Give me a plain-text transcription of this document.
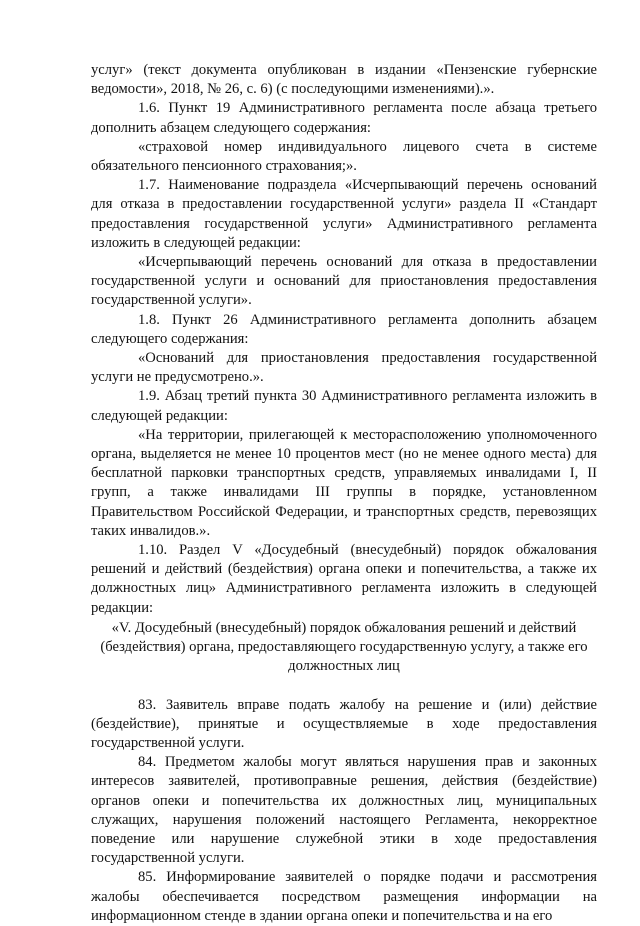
услуг» (текст документа опубликован в издании «Пензенские губернские ведомости», 2018, № 26, с. 6) (с последующими изменениями).».

1.6. Пункт 19 Административного регламента после абзаца третьего дополнить абзацем следующего содержания:

«страховой номер индивидуального лицевого счета в системе обязательного пенсионного страхования;».

1.7. Наименование подраздела «Исчерпывающий перечень оснований для отказа в предоставлении государственной услуги» раздела II «Стандарт предоставления государственной услуги» Административного регламента изложить в следующей редакции:

«Исчерпывающий перечень оснований для отказа в предоставлении государственной услуги и оснований для приостановления предоставления государственной услуги».

1.8. Пункт 26 Административного регламента дополнить абзацем следующего содержания:

«Оснований для приостановления предоставления государственной услуги не предусмотрено.».

1.9. Абзац третий пункта 30 Административного регламента изложить в следующей редакции:

«На территории, прилегающей к месторасположению уполномоченного органа, выделяется не менее 10 процентов мест (но не менее одного места) для бесплатной парковки транспортных средств, управляемых инвалидами I, II групп, а также инвалидами III группы в порядке, установленном Правительством Российской Федерации, и транспортных средств, перевозящих таких инвалидов.».

1.10. Раздел V «Досудебный (внесудебный) порядок обжалования решений и действий (бездействия) органа опеки и попечительства, а также их должностных лиц» Административного регламента изложить в следующей редакции:

«V. Досудебный (внесудебный) порядок обжалования решений и действий (бездействия) органа, предоставляющего государственную услугу, а также его должностных лиц

83. Заявитель вправе подать жалобу на решение и (или) действие (бездействие), принятые и осуществляемые в ходе предоставления государственной услуги.

84. Предметом жалобы могут являться нарушения прав и законных интересов заявителей, противоправные решения, действия (бездействие) органов опеки и попечительства их должностных лиц, муниципальных служащих, нарушения положений настоящего Регламента, некорректное поведение или нарушение служебной этики в ходе предоставления государственной услуги.

85. Информирование заявителей о порядке подачи и рассмотрения жалобы обеспечивается посредством размещения информации на информационном стенде в здании органа опеки и попечительства и на его
